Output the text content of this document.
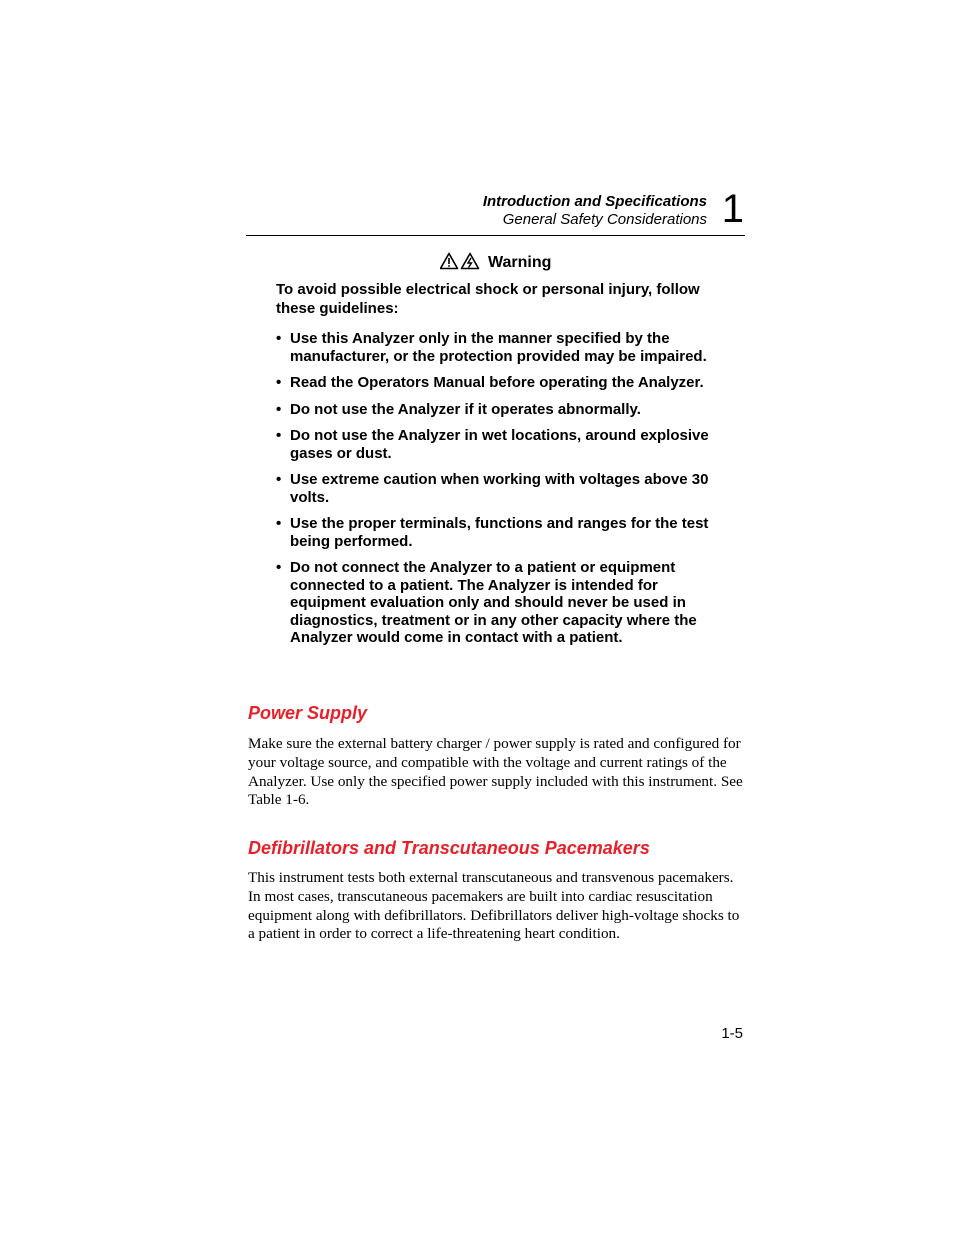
Introduction and Specifications
General Safety Considerations 1
Warning

To avoid possible electrical shock or personal injury, follow these guidelines:

• Use this Analyzer only in the manner specified by the manufacturer, or the protection provided may be impaired.
• Read the Operators Manual before operating the Analyzer.
• Do not use the Analyzer if it operates abnormally.
• Do not use the Analyzer in wet locations, around explosive gases or dust.
• Use extreme caution when working with voltages above 30 volts.
• Use the proper terminals, functions and ranges for the test being performed.
• Do not connect the Analyzer to a patient or equipment connected to a patient. The Analyzer is intended for equipment evaluation only and should never be used in diagnostics, treatment or in any other capacity where the Analyzer would come in contact with a patient.
Power Supply

Make sure the external battery charger / power supply is rated and configured for your voltage source, and compatible with the voltage and current ratings of the Analyzer. Use only the specified power supply included with this instrument. See Table 1-6.

Defibrillators and Transcutaneous Pacemakers

This instrument tests both external transcutaneous and transvenous pacemakers. In most cases, transcutaneous pacemakers are built into cardiac resuscitation equipment along with defibrillators. Defibrillators deliver high-voltage shocks to a patient in order to correct a life-threatening heart condition.

1-5
